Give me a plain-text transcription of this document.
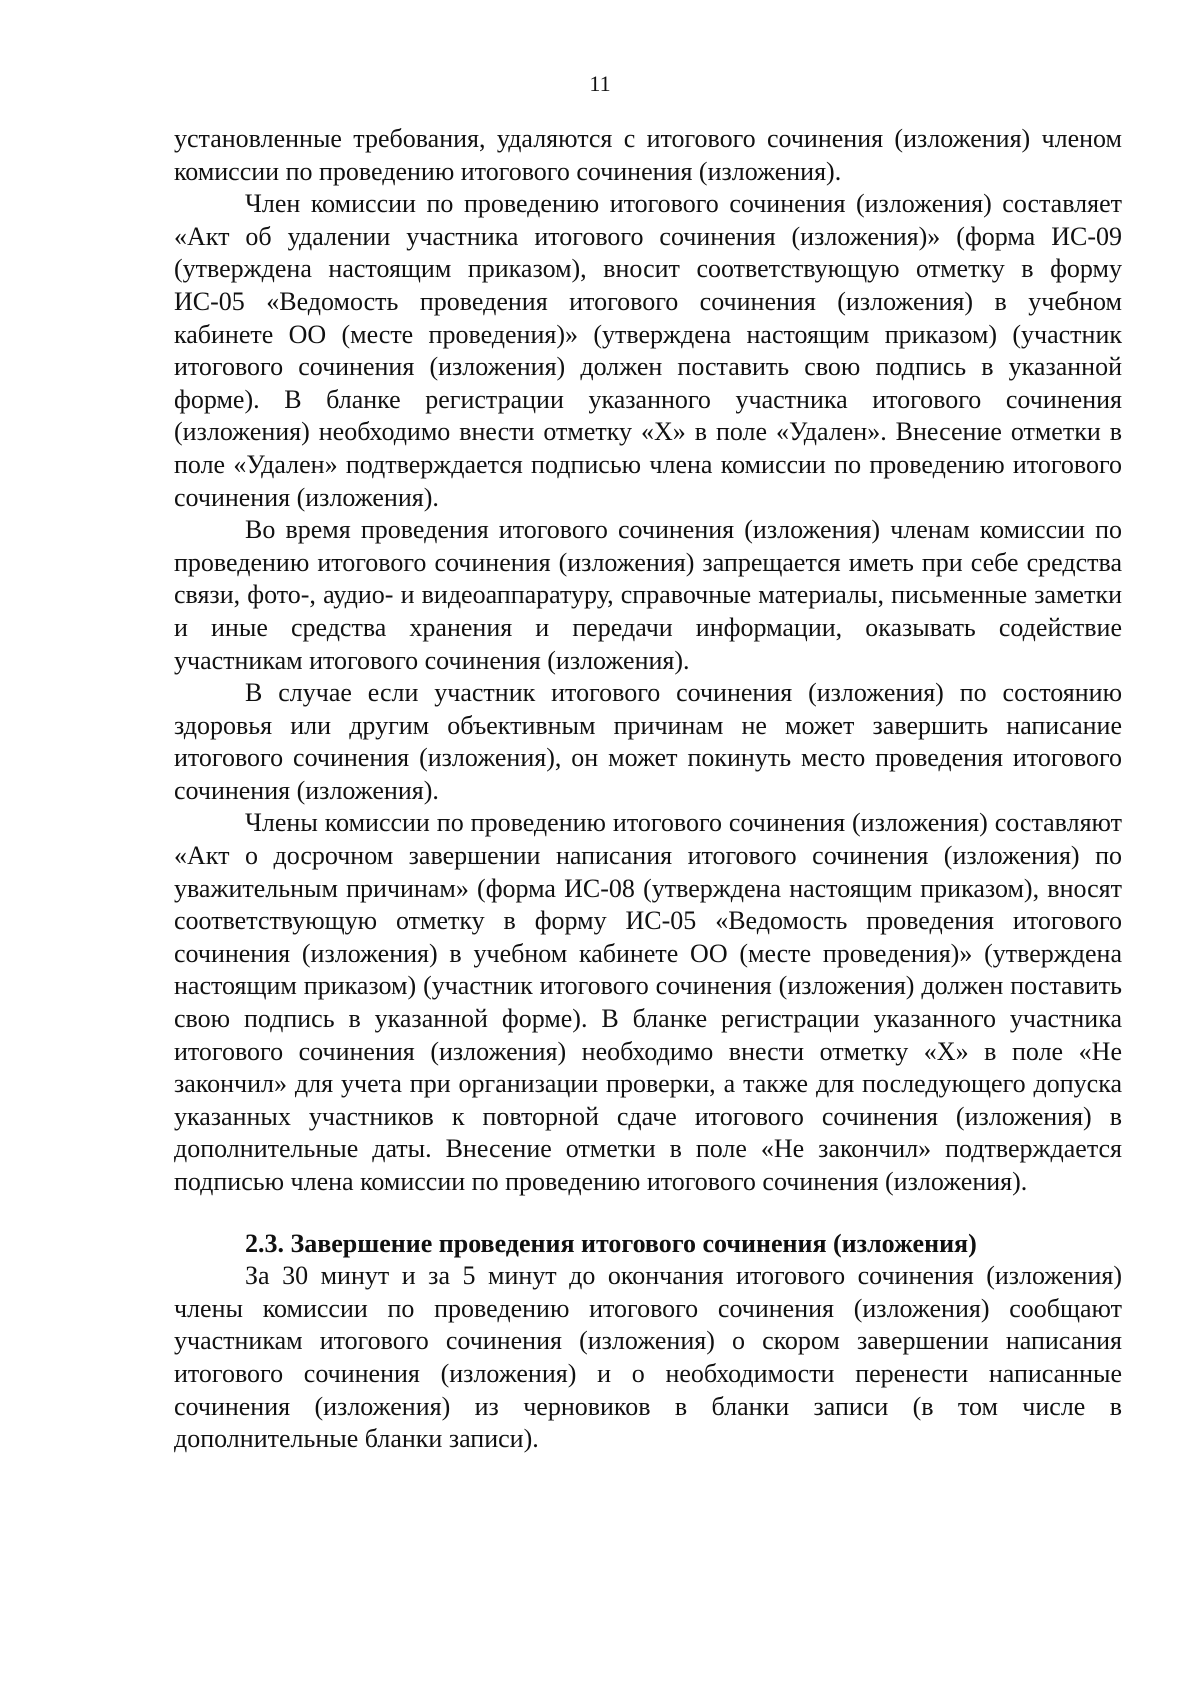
11

установленные требования, удаляются с итогового сочинения (изложения) членом комиссии по проведению итогового сочинения (изложения).

Член комиссии по проведению итогового сочинения (изложения) составляет «Акт об удалении участника итогового сочинения (изложения)» (форма ИС-09 (утверждена настоящим приказом), вносит соответствующую отметку в форму ИС-05 «Ведомость проведения итогового сочинения (изложения) в учебном кабинете ОО (месте проведения)» (утверждена настоящим приказом) (участник итогового сочинения (изложения) должен поставить свою подпись в указанной форме). В бланке регистрации указанного участника итогового сочинения (изложения) необходимо внести отметку «Х» в поле «Удален». Внесение отметки в поле «Удален» подтверждается подписью члена комиссии по проведению итогового сочинения (изложения).

Во время проведения итогового сочинения (изложения) членам комиссии по проведению итогового сочинения (изложения) запрещается иметь при себе средства связи, фото-, аудио- и видеоаппаратуру, справочные материалы, письменные заметки и иные средства хранения и передачи информации, оказывать содействие участникам итогового сочинения (изложения).

В случае если участник итогового сочинения (изложения) по состоянию здоровья или другим объективным причинам не может завершить написание итогового сочинения (изложения), он может покинуть место проведения итогового сочинения (изложения).

Члены комиссии по проведению итогового сочинения (изложения) составляют «Акт о досрочном завершении написания итогового сочинения (изложения) по уважительным причинам» (форма ИС-08 (утверждена настоящим приказом), вносят соответствующую отметку в форму ИС-05 «Ведомость проведения итогового сочинения (изложения) в учебном кабинете ОО (месте проведения)» (утверждена настоящим приказом) (участник итогового сочинения (изложения) должен поставить свою подпись в указанной форме). В бланке регистрации указанного участника итогового сочинения (изложения) необходимо внести отметку «Х» в поле «Не закончил» для учета при организации проверки, а также для последующего допуска указанных участников к повторной сдаче итогового сочинения (изложения) в дополнительные даты. Внесение отметки в поле «Не закончил» подтверждается подписью члена комиссии по проведению итогового сочинения (изложения).

2.3. Завершение проведения итогового сочинения (изложения)

За 30 минут и за 5 минут до окончания итогового сочинения (изложения) члены комиссии по проведению итогового сочинения (изложения) сообщают участникам итогового сочинения (изложения) о скором завершении написания итогового сочинения (изложения) и о необходимости перенести написанные сочинения (изложения) из черновиков в бланки записи (в том числе в дополнительные бланки записи).
